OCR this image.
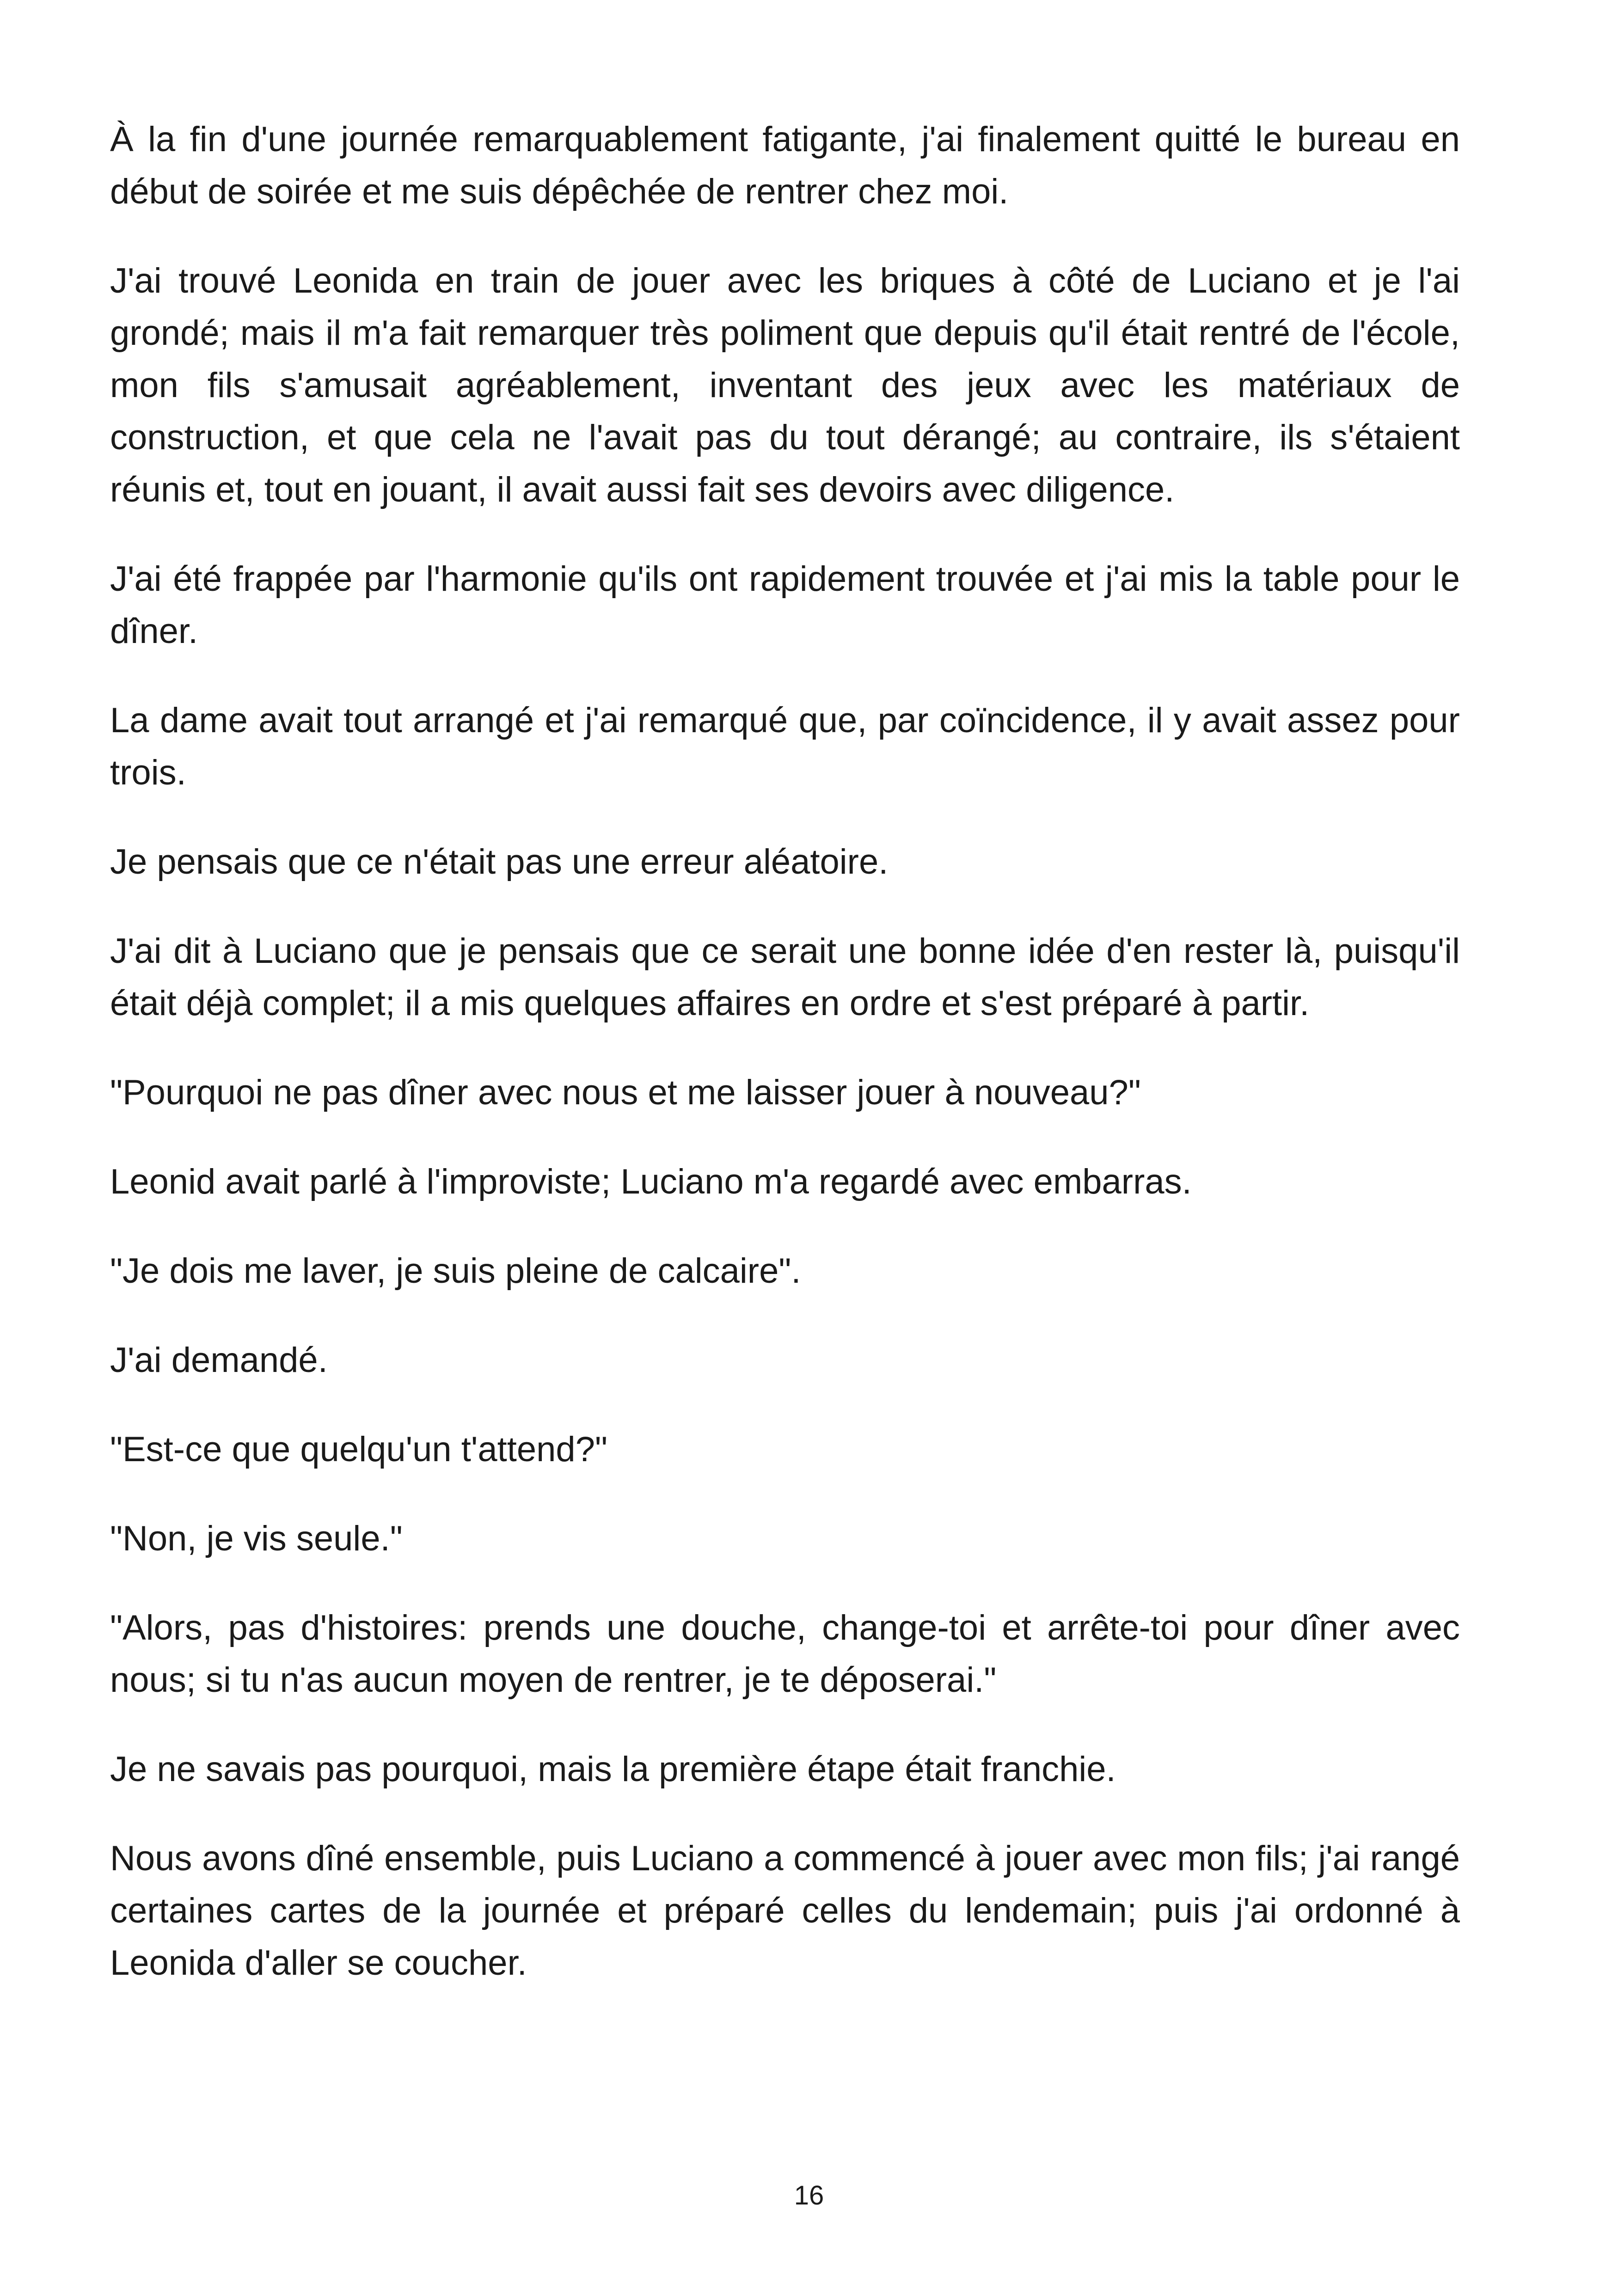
À la fin d'une journée remarquablement fatigante, j'ai finalement quitté le bureau en début de soirée et me suis dépêchée de rentrer chez moi.

J'ai trouvé Leonida en train de jouer avec les briques à côté de Luciano et je l'ai grondé; mais il m'a fait remarquer très poliment que depuis qu'il était rentré de l'école, mon fils s'amusait agréablement, inventant des jeux avec les matériaux de construction, et que cela ne l'avait pas du tout dérangé; au contraire, ils s'étaient réunis et, tout en jouant, il avait aussi fait ses devoirs avec diligence.

J'ai été frappée par l'harmonie qu'ils ont rapidement trouvée et j'ai mis la table pour le dîner.

La dame avait tout arrangé et j'ai remarqué que, par coïncidence, il y avait assez pour trois.

Je pensais que ce n'était pas une erreur aléatoire.

J'ai dit à Luciano que je pensais que ce serait une bonne idée d'en rester là, puisqu'il était déjà complet; il a mis quelques affaires en ordre et s'est préparé à partir.

"Pourquoi ne pas dîner avec nous et me laisser jouer à nouveau?"

Leonid avait parlé à l'improviste; Luciano m'a regardé avec embarras.

"Je dois me laver, je suis pleine de calcaire".

J'ai demandé.

"Est-ce que quelqu'un t'attend?"

"Non, je vis seule."

"Alors, pas d'histoires: prends une douche, change-toi et arrête-toi pour dîner avec nous; si tu n'as aucun moyen de rentrer, je te déposerai."

Je ne savais pas pourquoi, mais la première étape était franchie.

Nous avons dîné ensemble, puis Luciano a commencé à jouer avec mon fils; j'ai rangé certaines cartes de la journée et préparé celles du lendemain; puis j'ai ordonné à Leonida d'aller se coucher.

16
